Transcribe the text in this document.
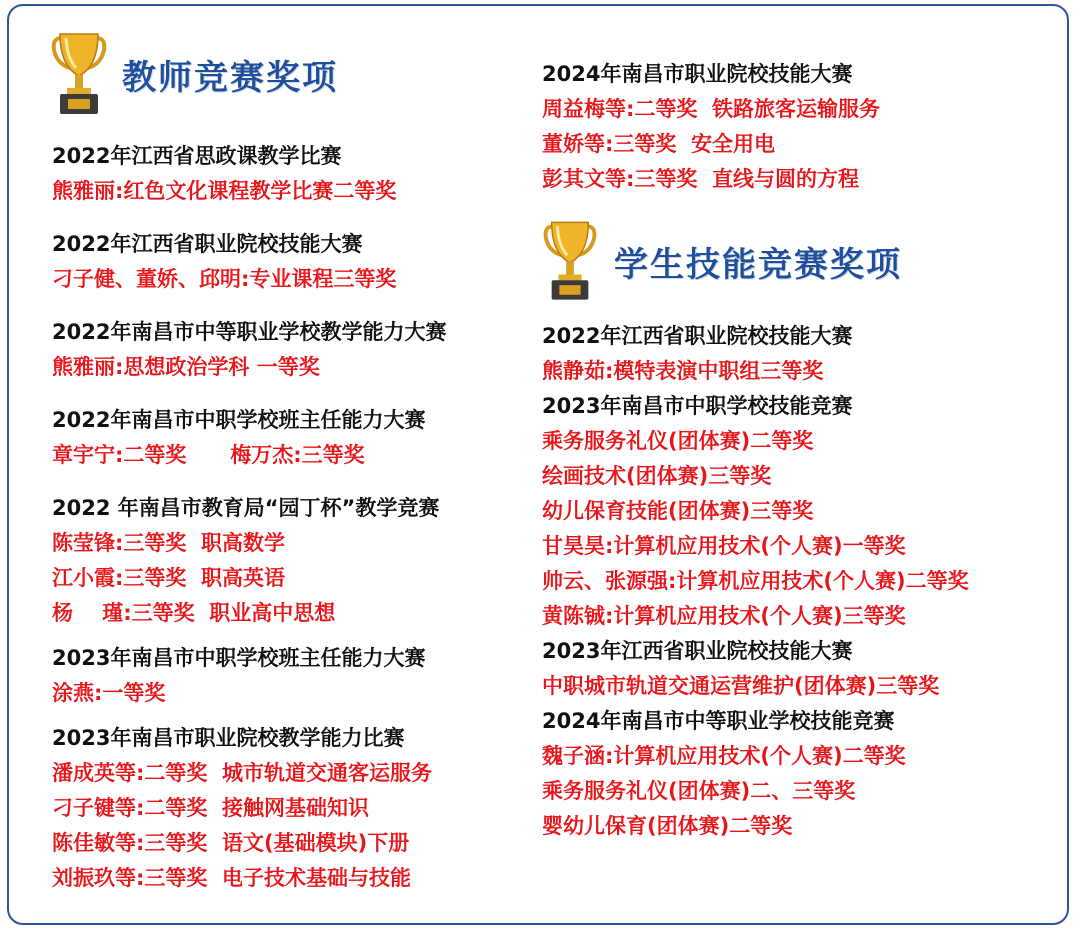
教师竞赛奖项
2022年江西省思政课教学比赛
熊雅丽:红色文化课程教学比赛二等奖
2022年江西省职业院校技能大赛
刁子健、董娇、邱明:专业课程三等奖
2022年南昌市中等职业学校教学能力大赛
熊雅丽:思想政治学科 一等奖
2022年南昌市中职学校班主任能力大赛
章宇宁:二等奖      梅万杰:三等奖
2022 年南昌市教育局“园丁杯”教学竞赛
陈莹锋:三等奖  职高数学
江小霞:三等奖  职高英语
杨    瑾:三等奖  职业高中思想
2023年南昌市中职学校班主任能力大赛
涂燕:一等奖
2023年南昌市职业院校教学能力比赛
潘成英等:二等奖  城市轨道交通客运服务
刁子键等:二等奖  接触网基础知识
陈佳敏等:三等奖  语文(基础模块)下册
刘振玖等:三等奖  电子技术基础与技能
2024年南昌市职业院校技能大赛
周益梅等:二等奖  铁路旅客运输服务
董娇等:三等奖  安全用电
彭其文等:三等奖  直线与圆的方程
学生技能竞赛奖项
2022年江西省职业院校技能大赛
熊静茹:模特表演中职组三等奖
2023年南昌市中职学校技能竞赛
乘务服务礼仪(团体赛)二等奖
绘画技术(团体赛)三等奖
幼儿保育技能(团体赛)三等奖
甘昊昊:计算机应用技术(个人赛)一等奖
帅云、张源强:计算机应用技术(个人赛)二等奖
黄陈铖:计算机应用技术(个人赛)三等奖
2023年江西省职业院校技能大赛
中职城市轨道交通运营维护(团体赛)三等奖
2024年南昌市中等职业学校技能竞赛
魏子涵:计算机应用技术(个人赛)二等奖
乘务服务礼仪(团体赛)二、三等奖
婴幼儿保育(团体赛)二等奖
